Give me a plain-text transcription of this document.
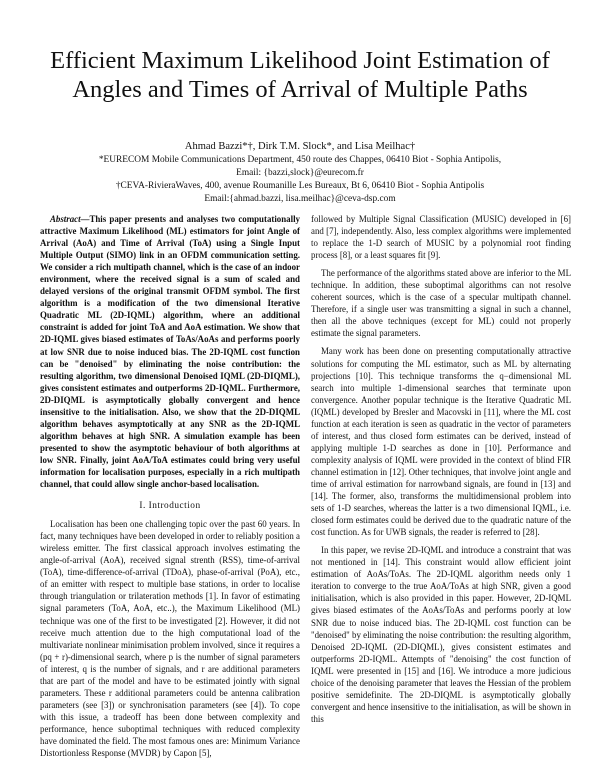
Efficient Maximum Likelihood Joint Estimation of Angles and Times of Arrival of Multiple Paths
Ahmad Bazzi*†, Dirk T.M. Slock*, and Lisa Meilhac†
*EURECOM Mobile Communications Department, 450 route des Chappes, 06410 Biot - Sophia Antipolis,
Email: {bazzi,slock}@eurecom.fr
†CEVA-RivieraWaves, 400, avenue Roumanille Les Bureaux, Bt 6, 06410 Biot - Sophia Antipolis
Email:{ahmad.bazzi, lisa.meilhac}@ceva-dsp.com

Abstract—This paper presents and analyses two computationally attractive Maximum Likelihood (ML) estimators for joint Angle of Arrival (AoA) and Time of Arrival (ToA) using a Single Input Multiple Output (SIMO) link in an OFDM communication setting. We consider a rich multipath channel, which is the case of an indoor environment, where the received signal is a sum of scaled and delayed versions of the original transmit OFDM symbol. The first algorithm is a modification of the two dimensional Iterative Quadratic ML (2D-IQML) algorithm, where an additional constraint is added for joint ToA and AoA estimation. We show that 2D-IQML gives biased estimates of ToAs/AoAs and performs poorly at low SNR due to noise induced bias. The 2D-IQML cost function can be "denoised" by eliminating the noise contribution: the resulting algorithm, two dimensional Denoised IQML (2D-DIQML), gives consistent estimates and outperforms 2D-IQML. Furthermore, 2D-DIQML is asymptotically globally convergent and hence insensitive to the initialisation. Also, we show that the 2D-DIQML algorithm behaves asymptotically at any SNR as the 2D-IQML algorithm behaves at high SNR. A simulation example has been presented to show the asymptotic behaviour of both algorithms at low SNR. Finally, joint AoA/ToA estimates could bring very useful information for localisation purposes, especially in a rich multipath channel, that could allow single anchor-based localisation.

I. Introduction

Localisation has been one challenging topic over the past 60 years. In fact, many techniques have been developed in order to reliably position a wireless emitter. The first classical approach involves estimating the angle-of-arrival (AoA), received signal strenth (RSS), time-of-arrival (ToA), time-difference-of-arrival (TDoA), phase-of-arrival (PoA), etc., of an emitter with respect to multiple base stations, in order to localise through triangulation or trilateration methods [1]. In favor of estimating signal parameters (ToA, AoA, etc..), the Maximum Likelihood (ML) technique was one of the first to be investigated [2]. However, it did not receive much attention due to the high computational load of the multivariate nonlinear minimisation problem involved, since it requires a (pq + r)-dimensional search, where p is the number of signal parameters of interest, q is the number of signals, and r are additional parameters that are part of the model and have to be estimated jointly with signal parameters. These r additional parameters could be antenna calibration parameters (see [3]) or synchronisation parameters (see [4]). To cope with this issue, a tradeoff has been done between complexity and performance, hence suboptimal techniques with reduced complexity have dominated the field. The most famous ones are: Minimum Variance Distortionless Response (MVDR) by Capon [5],

followed by Multiple Signal Classification (MUSIC) developed in [6] and [7], independently. Also, less complex algorithms were implemented to replace the 1-D search of MUSIC by a polynomial root finding process [8], or a least squares fit [9].

The performance of the algorithms stated above are inferior to the ML technique. In addition, these suboptimal algorithms can not resolve coherent sources, which is the case of a specular multipath channel. Therefore, if a single user was transmitting a signal in such a channel, then all the above techniques (except for ML) could not properly estimate the signal parameters.

Many work has been done on presenting computationally attractive solutions for computing the ML estimator, such as ML by alternating projections [10]. This technique transforms the q−dimensional ML search into multiple 1-dimensional searches that terminate upon convergence. Another popular technique is the Iterative Quadratic ML (IQML) developed by Bresler and Macovski in [11], where the ML cost function at each iteration is seen as quadratic in the vector of parameters of interest, and thus closed form estimates can be derived, instead of applying multiple 1-D searches as done in [10]. Performance and complexity analysis of IQML were provided in the context of blind FIR channel estimation in [12]. Other techniques, that involve joint angle and time of arrival estimation for narrowband signals, are found in [13] and [14]. The former, also, transforms the multidimensional problem into sets of 1-D searches, whereas the latter is a two dimensional IQML, i.e. closed form estimates could be derived due to the quadratic nature of the cost function. As for UWB signals, the reader is referred to [28].

In this paper, we revise 2D-IQML and introduce a constraint that was not mentioned in [14]. This constraint would allow efficient joint estimation of AoAs/ToAs. The 2D-IQML algorithm needs only 1 iteration to converge to the true AoA/ToAs at high SNR, given a good initialisation, which is also provided in this paper. However, 2D-IQML gives biased estimates of the AoAs/ToAs and performs poorly at low SNR due to noise induced bias. The 2D-IQML cost function can be "denoised" by eliminating the noise contribution: the resulting algorithm, Denoised 2D-IQML (2D-DIQML), gives consistent estimates and outperforms 2D-IQML. Attempts of "denoising" the cost function of IQML were presented in [15] and [16]. We introduce a more judicious choice of the denoising parameter that leaves the Hessian of the problem positive semidefinite. The 2D-DIQML is asymptotically globally convergent and hence insensitive to the initialisation, as will be shown in this
